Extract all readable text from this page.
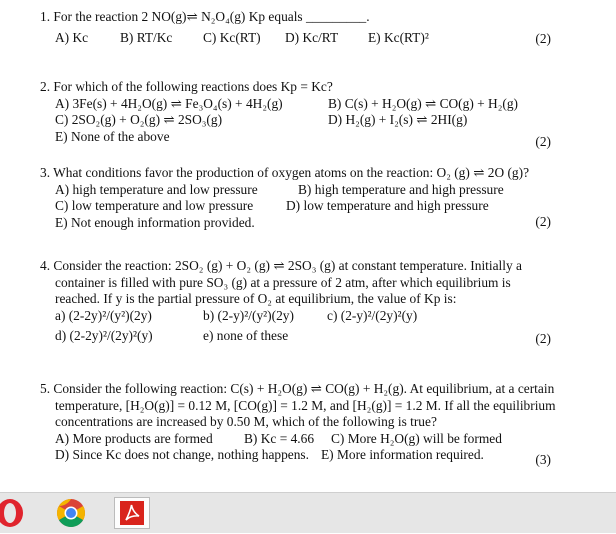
1. For the reaction 2 NO(g)⇌ N₂O₄(g) Kp equals _________.
A) Kc B) RT/Kc C) Kc(RT) D) Kc/RT E) Kc(RT)²	(2)
2. For which of the following reactions does Kp = Kc?
A) 3Fe(s) + 4H₂O(g) ⇌ Fe₃O₄(s) + 4H₂(g)	B) C(s) + H₂O(g) ⇌ CO(g) + H₂(g)
C) 2SO₂(g) + O₂(g) ⇌ 2SO₃(g)	D) H₂(g) + I₂(s) ⇌ 2HI(g)
E) None of the above	(2)
3. What conditions favor the production of oxygen atoms on the reaction: O₂ (g) ⇌ 2O (g)?
A) high temperature and low pressure	B) high temperature and high pressure
C) low temperature and low pressure D) low temperature and high pressure
E) Not enough information provided.	(2)
4. Consider the reaction: 2SO₂ (g) + O₂ (g) ⇌ 2SO₃ (g) at constant temperature. Initially a container is filled with pure SO₃ (g) at a pressure of 2 atm, after which equilibrium is reached. If y is the partial pressure of O₂ at equilibrium, the value of Kp is:
a) (2-2y)²/(y²)(2y)	b) (2-y)²/(y²)(2y) c) (2-y)²/(2y)²(y)
d) (2-2y)²/(2y)²(y)	e) none of these	(2)
5. Consider the following reaction: C(s) + H₂O(g) ⇌ CO(g) + H₂(g). At equilibrium, at a certain temperature, [H₂O(g)] = 0.12 M, [CO(g)] = 1.2 M, and [H₂(g)] = 1.2 M. If all the equilibrium concentrations are increased by 0.50 M, which of the following is true?
A) More products are formed B) Kc = 4.66 C) More H₂O(g) will be formed
D) Since Kc does not change, nothing happens. E) More information required.	(3)
